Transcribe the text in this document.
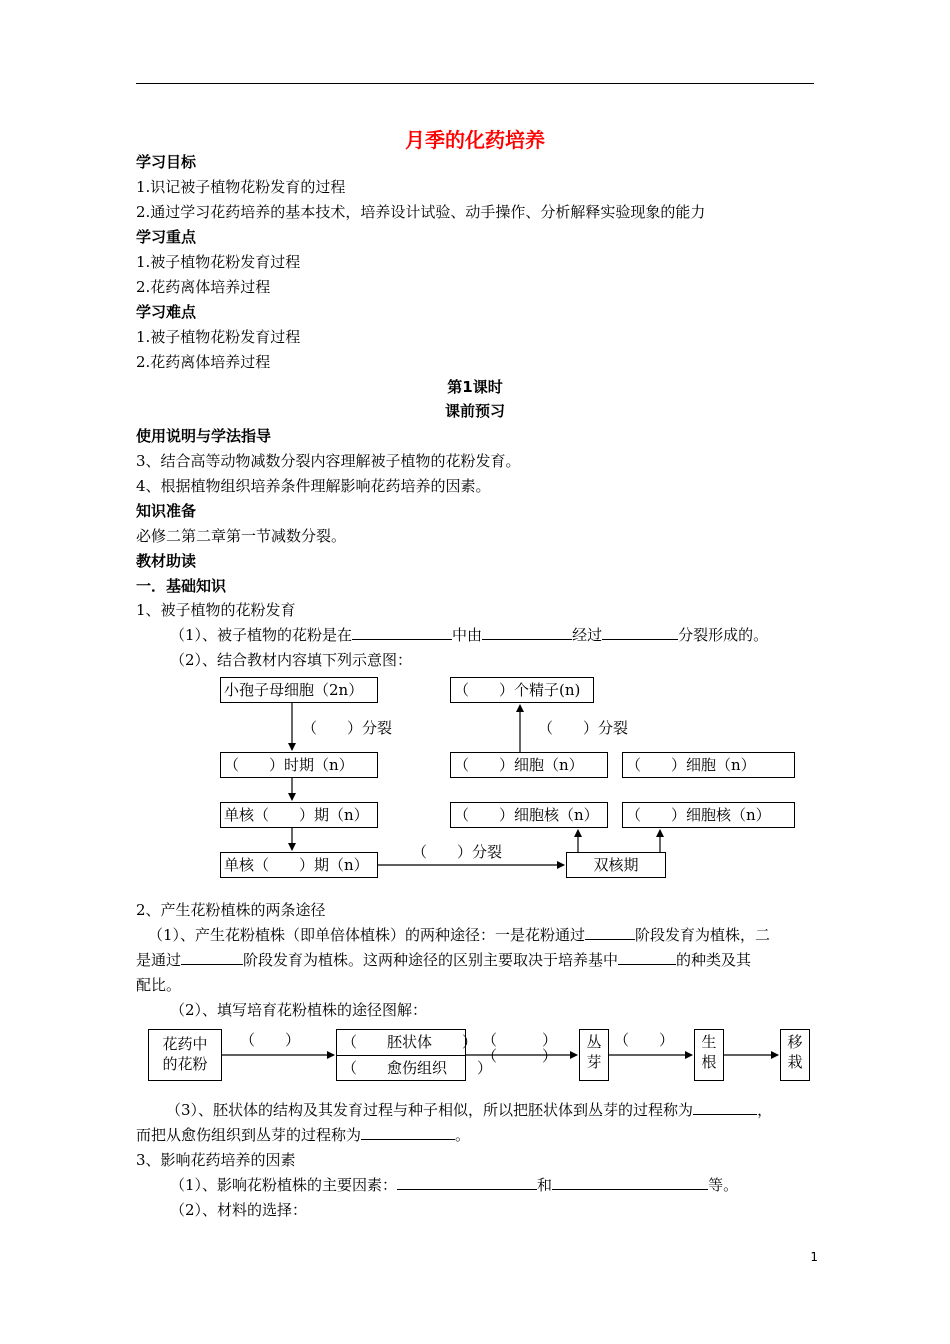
月季的化药培养
学习目标
1.识记被子植物花粉发育的过程
2.通过学习花药培养的基本技术，培养设计试验、动手操作、分析解释实验现象的能力
学习重点
1.被子植物花粉发育过程
2.花药离体培养过程
学习难点
1.被子植物花粉发育过程
2.花药离体培养过程
第1课时
课前预习
使用说明与学法指导
3、结合高等动物减数分裂内容理解被子植物的花粉发育。
4、根据植物组织培养条件理解影响花药培养的因素。
知识准备
必修二第二章第一节减数分裂。
教材助读
一．基础知识
1、被子植物的花粉发育
（1）、被子植物的花粉是在	中由	经过	分裂形成的。
（2）、结合教材内容填下列示意图：
小孢子母细胞（2n）
（　　）时期（n）
单核（　　）期（n）
单核（　　）期（n）	双核期
（　　）个精子(n)
（　　）细胞（n）	（　　）细胞（n）
（　　）细胞核（n）	（　　）细胞核（n）
（　　）分裂	（　　）分裂
（　　）分裂
花药中的花粉
（　　）	（　　胚状体　　）
（　　愈伤组织　　）
（　　　）
（　　　）
丛芽
（　　）	生根
移栽
2、产生花粉植株的两条途径
（1）、产生花粉植株（即单倍体植株）的两种途径：一是花粉通过	阶段发育为植株，二
是通过	阶段发育为植株。这两种途径的区别主要取决于培养基中	的种类及其
配比。
（2）、填写培育花粉植株的途径图解：
（3）、胚状体的结构及其发育过程与种子相似，所以把胚状体到丛芽的过程称为	，
而把从愈伤组织到丛芽的过程称为	。
3、影响花药培养的因素
（1）、影响花粉植株的主要因素：	和	等。
（2）、材料的选择：
1
